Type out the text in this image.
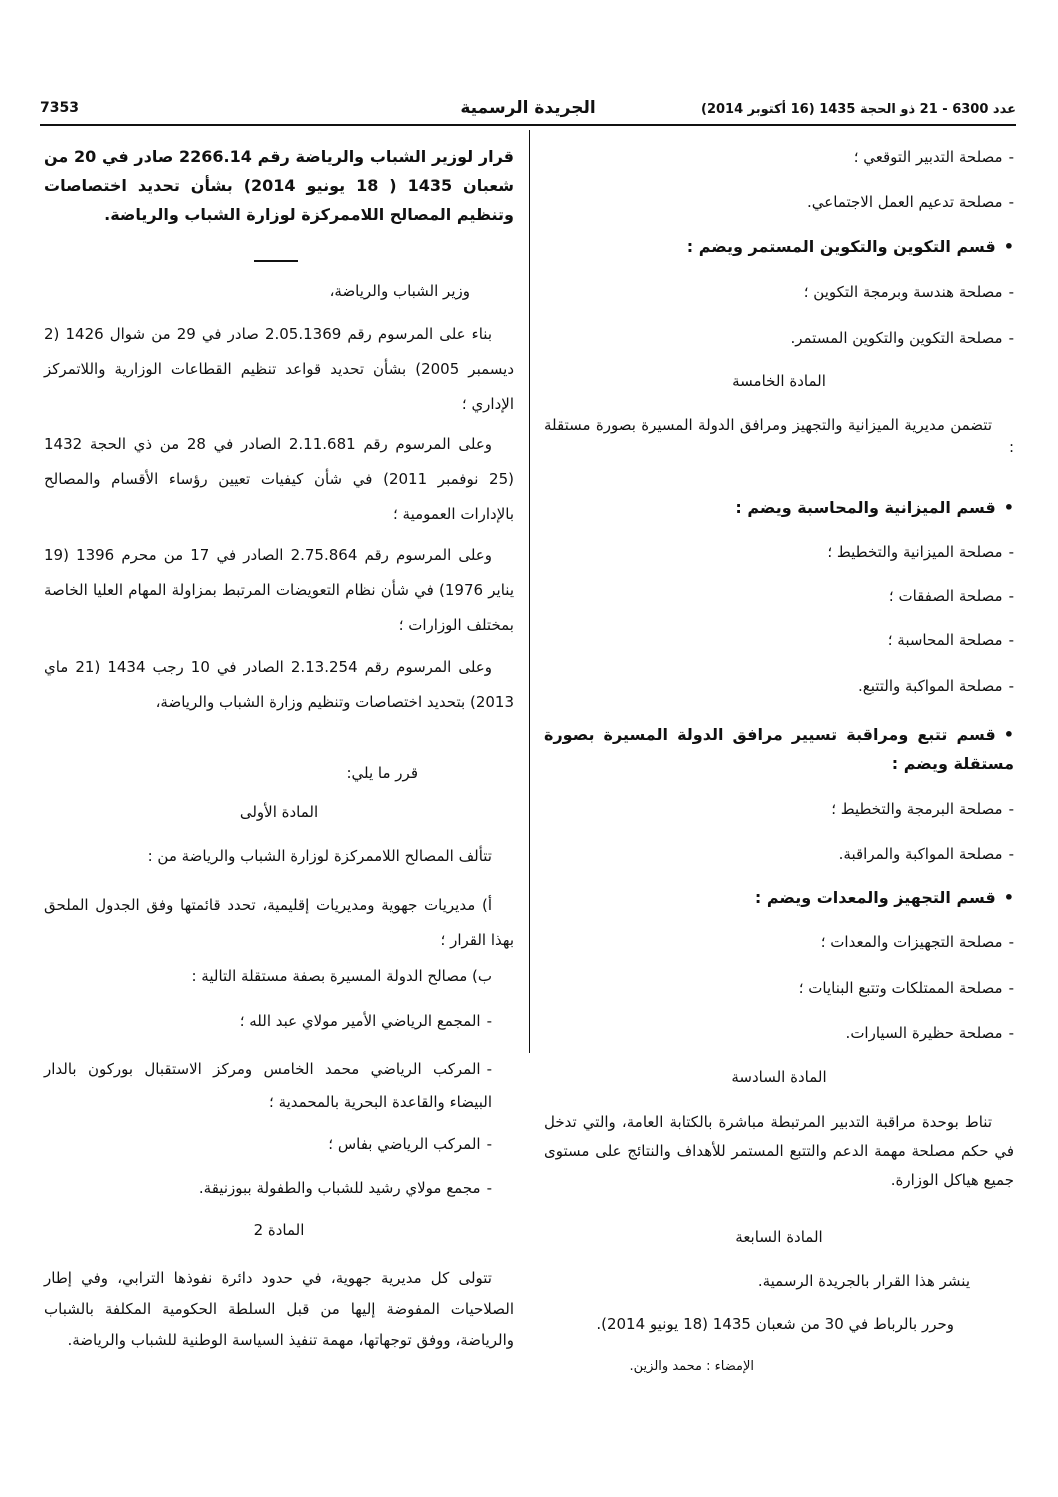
عدد 6300 - 21 ذو الحجة 1435 (16 أكتوبر 2014)
الجريدة الرسمية
7353
-مصلحة التدبير التوقعي ؛
-مصلحة تدعيم العمل الاجتماعي.
•قسم التكوين والتكوين المستمر ويضم :
-مصلحة هندسة وبرمجة التكوين ؛
-مصلحة التكوين والتكوين المستمر.
المادة الخامسة
تتضمن مديرية الميزانية والتجهيز ومرافق الدولة المسيرة بصورة مستقلة :
•قسم الميزانية والمحاسبة ويضم :
-مصلحة الميزانية والتخطيط ؛
-مصلحة الصفقات ؛
-مصلحة المحاسبة ؛
-مصلحة المواكبة والتتبع.
•قسم تتبع ومراقبة تسيير مرافق الدولة المسيرة بصورة مستقلة ويضم :
-مصلحة البرمجة والتخطيط ؛
-مصلحة المواكبة والمراقبة.
•قسم التجهيز والمعدات ويضم :
-مصلحة التجهيزات والمعدات ؛
-مصلحة الممتلكات وتتبع البنايات ؛
-مصلحة حظيرة السيارات.
المادة السادسة
تناط بوحدة مراقبة التدبير المرتبطة مباشرة بالكتابة العامة، والتي تدخل في حكم مصلحة مهمة الدعم والتتبع المستمر للأهداف والنتائج على مستوى جميع هياكل الوزارة.
المادة السابعة
ينشر هذا القرار بالجريدة الرسمية.
وحرر بالرباط في 30 من شعبان 1435 (18 يونيو 2014).
الإمضاء : محمد والزين.
قرار لوزير الشباب والرياضة رقم 2266.14 صادر في 20 من شعبان 1435 ( 18 يونيو 2014) بشأن تحديد اختصاصات وتنظيم المصالح اللاممركزة لوزارة الشباب والرياضة.
وزير الشباب والرياضة،
بناء على المرسوم رقم 2.05.1369 صادر في 29 من شوال 1426 (2 ديسمبر 2005) بشأن تحديد قواعد تنظيم القطاعات الوزارية واللاتمركز الإداري ؛
وعلى المرسوم رقم 2.11.681 الصادر في 28 من ذي الحجة 1432 (25 نوفمبر 2011) في شأن كيفيات تعيين رؤساء الأقسام والمصالح بالإدارات العمومية ؛
وعلى المرسوم رقم 2.75.864 الصادر في 17 من محرم 1396 (19 يناير 1976) في شأن نظام التعويضات المرتبط بمزاولة المهام العليا الخاصة بمختلف الوزارات ؛
وعلى المرسوم رقم 2.13.254 الصادر في 10 رجب 1434 (21 ماي 2013) بتحديد اختصاصات وتنظيم وزارة الشباب والرياضة،
قرر ما يلي:
المادة الأولى
تتألف المصالح اللاممركزة لوزارة الشباب والرياضة من :
أ) مديريات جهوية ومديريات إقليمية، تحدد قائمتها وفق الجدول الملحق بهذا القرار ؛
ب) مصالح الدولة المسيرة بصفة مستقلة التالية :
-المجمع الرياضي الأمير مولاي عبد الله ؛
-المركب الرياضي محمد الخامس ومركز الاستقبال بوركون بالدار البيضاء والقاعدة البحرية بالمحمدية ؛
-المركب الرياضي بفاس ؛
-مجمع مولاي رشيد للشباب والطفولة ببوزنيقة.
المادة 2
تتولى كل مديرية جهوية، في حدود دائرة نفوذها الترابي، وفي إطار الصلاحيات المفوضة إليها من قبل السلطة الحكومية المكلفة بالشباب والرياضة، ووفق توجهاتها، مهمة تنفيذ السياسة الوطنية للشباب والرياضة.
